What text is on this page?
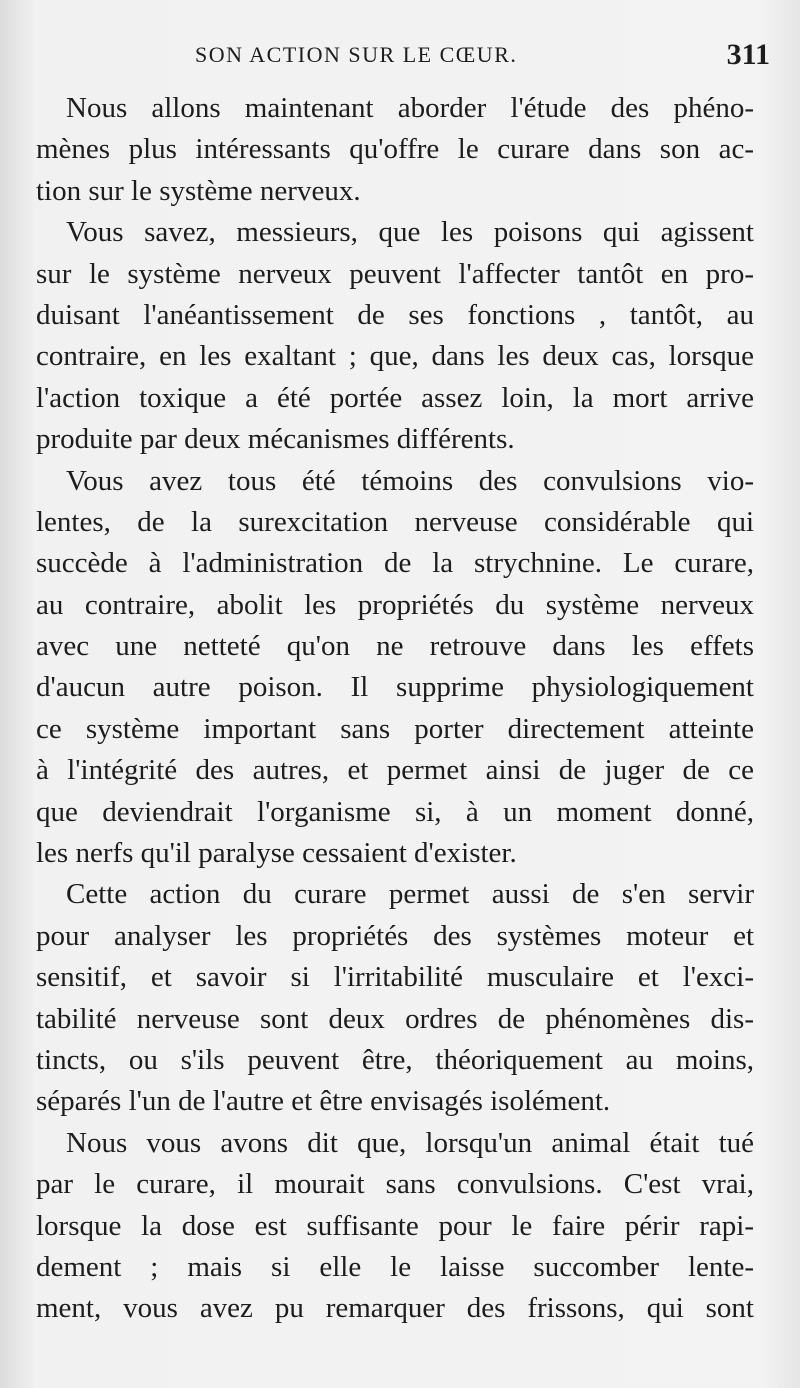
SON ACTION SUR LE CŒUR.	311
Nous allons maintenant aborder l'étude des phéno-
mènes plus intéressants qu'offre le curare dans son ac-
tion sur le système nerveux.
Vous savez, messieurs, que les poisons qui agissent
sur le système nerveux peuvent l'affecter tantôt en pro-
duisant l'anéantissement de ses fonctions , tantôt, au
contraire, en les exaltant ; que, dans les deux cas, lorsque
l'action toxique a été portée assez loin, la mort arrive
produite par deux mécanismes différents.
Vous avez tous été témoins des convulsions vio-
lentes, de la surexcitation nerveuse considérable qui
succède à l'administration de la strychnine. Le curare,
au contraire, abolit les propriétés du système nerveux
avec une netteté qu'on ne retrouve dans les effets
d'aucun autre poison. Il supprime physiologiquement
ce système important sans porter directement atteinte
à l'intégrité des autres, et permet ainsi de juger de ce
que deviendrait l'organisme si, à un moment donné,
les nerfs qu'il paralyse cessaient d'exister.
Cette action du curare permet aussi de s'en servir
pour analyser les propriétés des systèmes moteur et
sensitif, et savoir si l'irritabilité musculaire et l'exci-
tabilité nerveuse sont deux ordres de phénomènes dis-
tincts, ou s'ils peuvent être, théoriquement au moins,
séparés l'un de l'autre et être envisagés isolément.
Nous vous avons dit que, lorsqu'un animal était tué
par le curare, il mourait sans convulsions. C'est vrai,
lorsque la dose est suffisante pour le faire périr rapi-
dement ; mais si elle le laisse succomber lente-
ment, vous avez pu remarquer des frissons, qui sont
